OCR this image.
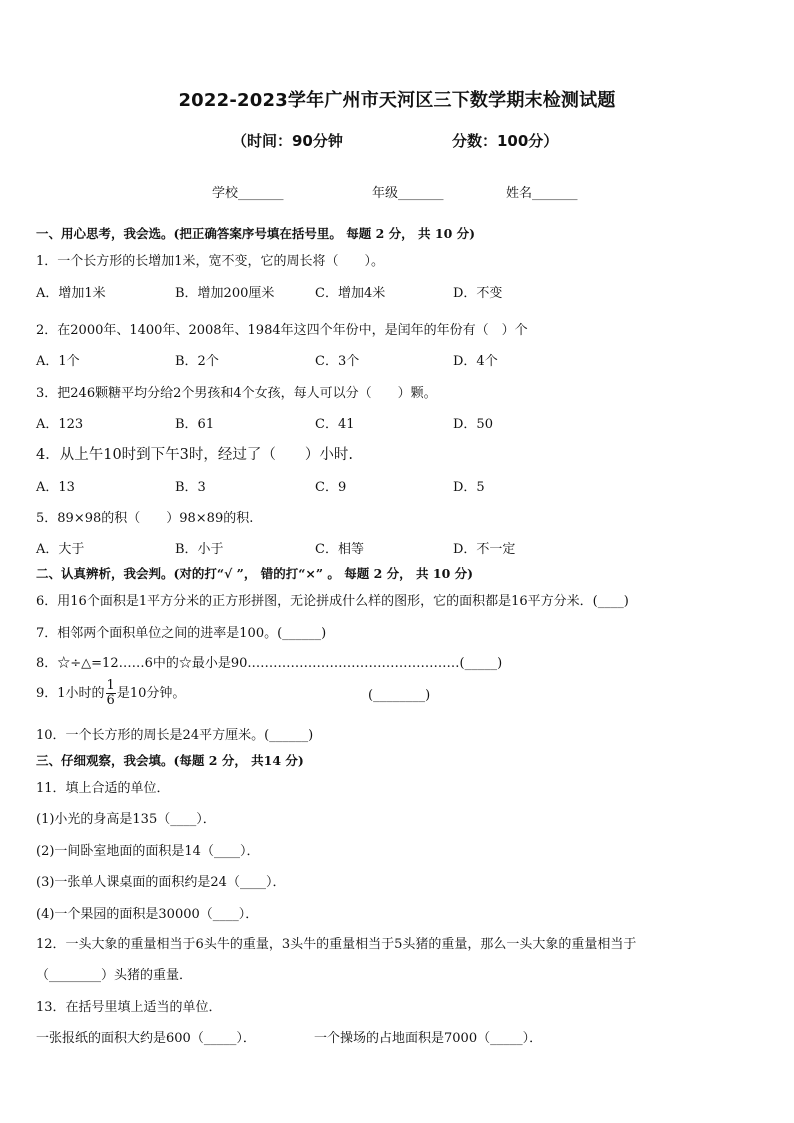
2022-2023学年广州市天河区三下数学期末检测试题
（时间：90分钟	分数：100分）
学校_______	年级_______	姓名_______
一、用心思考，我会选。(把正确答案序号填在括号里。 每题 2 分， 共 10 分)
1．一个长方形的长增加1米，宽不变，它的周长将（　　）。
A．增加1米	B．增加200厘米	C．增加4米	D．不变
2．在2000年、1400年、2008年、1984年这四个年份中，是闰年的年份有（　）个
A．1个	B．2个	C．3个	D．4个
3．把246颗糖平均分给2个男孩和4个女孩，每人可以分（　　）颗。
A．123	B．61	C．41	D．50
4．从上午10时到下午3时，经过了（　　）小时.
A．13	B．3	C．9	D．5
5．89×98的积（　　）98×89的积.
A．大于	B．小于	C．相等	D．不一定
二、认真辨析，我会判。(对的打“√ ”， 错的打“×” 。 每题 2 分， 共 10 分)
6．用16个面积是1平方分米的正方形拼图，无论拼成什么样的图形，它的面积都是16平方分米．(____)
7．相邻两个面积单位之间的进率是100。(______)
8．☆÷△=12……6中的☆最小是90.…………………………………………(_____)
9．1小时的 $\frac{1}{6}$ 是10分钟。	(________)
10．一个长方形的周长是24平方厘米。(______)
三、仔细观察，我会填。(每题 2 分， 共14 分)
11．填上合适的单位．
(1)小光的身高是135（____）．
(2)一间卧室地面的面积是14（____）．
(3)一张单人课桌面的面积约是24（____）．
(4)一个果园的面积是30000（____）．
12．一头大象的重量相当于6头牛的重量，3头牛的重量相当于5头猪的重量，那么一头大象的重量相当于
（________）头猪的重量．
13．在括号里填上适当的单位．
一张报纸的面积大约是600（_____）．	一个操场的占地面积是7000（_____）．
